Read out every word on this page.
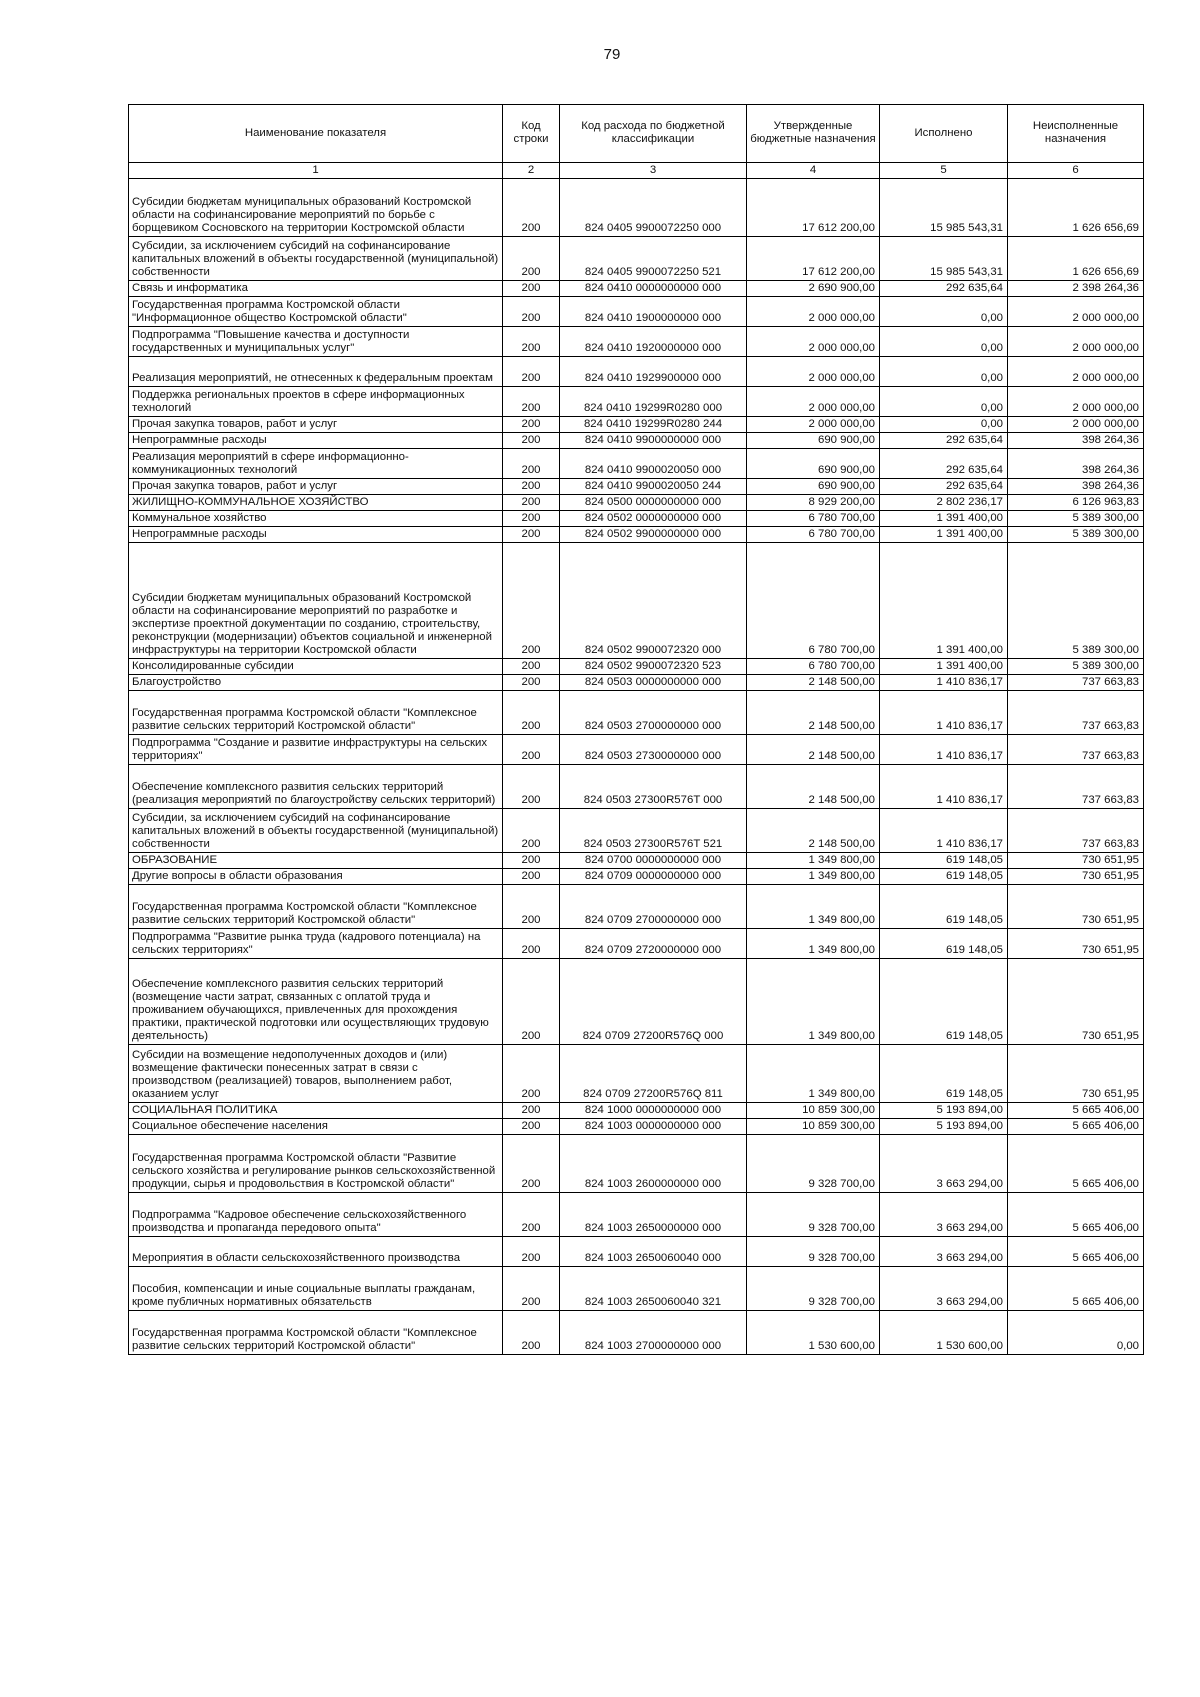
79
Наименование показателя	Код строки	Код расхода по бюджетной классификации	Утвержденные бюджетные назначения	Исполнено	Неисполненные назначения
1	2	3	4	5	6
Субсидии бюджетам муниципальных образований Костромской области на софинансирование мероприятий по борьбе с борщевиком Сосновского на территории Костромской области	200	824 0405 9900072250 000	17 612 200,00	15 985 543,31	1 626 656,69
Субсидии, за исключением субсидий на софинансирование капитальных вложений в объекты государственной (муниципальной) собственности	200	824 0405 9900072250 521	17 612 200,00	15 985 543,31	1 626 656,69
Связь и информатика	200	824 0410 0000000000 000	2 690 900,00	292 635,64	2 398 264,36
Государственная программа Костромской области "Информационное общество Костромской области"	200	824 0410 1900000000 000	2 000 000,00	0,00	2 000 000,00
Подпрограмма "Повышение качества и доступности государственных и муниципальных услуг"	200	824 0410 1920000000 000	2 000 000,00	0,00	2 000 000,00
Реализация мероприятий, не отнесенных к федеральным проектам	200	824 0410 1929900000 000	2 000 000,00	0,00	2 000 000,00
Поддержка региональных проектов в сфере информационных технологий	200	824 0410 19299R0280 000	2 000 000,00	0,00	2 000 000,00
Прочая закупка товаров, работ и услуг	200	824 0410 19299R0280 244	2 000 000,00	0,00	2 000 000,00
Непрограммные расходы	200	824 0410 9900000000 000	690 900,00	292 635,64	398 264,36
Реализация мероприятий в сфере информационно-коммуникационных технологий	200	824 0410 9900020050 000	690 900,00	292 635,64	398 264,36
Прочая закупка товаров, работ и услуг	200	824 0410 9900020050 244	690 900,00	292 635,64	398 264,36
ЖИЛИЩНО-КОММУНАЛЬНОЕ ХОЗЯЙСТВО	200	824 0500 0000000000 000	8 929 200,00	2 802 236,17	6 126 963,83
Коммунальное хозяйство	200	824 0502 0000000000 000	6 780 700,00	1 391 400,00	5 389 300,00
Непрограммные расходы	200	824 0502 9900000000 000	6 780 700,00	1 391 400,00	5 389 300,00
Субсидии бюджетам муниципальных образований Костромской области на софинансирование мероприятий по разработке и экспертизе проектной документации по созданию, строительству, реконструкции (модернизации) объектов социальной и инженерной инфраструктуры на территории Костромской области	200	824 0502 9900072320 000	6 780 700,00	1 391 400,00	5 389 300,00
Консолидированные субсидии	200	824 0502 9900072320 523	6 780 700,00	1 391 400,00	5 389 300,00
Благоустройство	200	824 0503 0000000000 000	2 148 500,00	1 410 836,17	737 663,83
Государственная программа Костромской области "Комплексное развитие сельских территорий Костромской области"	200	824 0503 2700000000 000	2 148 500,00	1 410 836,17	737 663,83
Подпрограмма "Создание и развитие инфраструктуры на сельских территориях"	200	824 0503 2730000000 000	2 148 500,00	1 410 836,17	737 663,83
Обеспечение комплексного развития сельских территорий (реализация мероприятий по благоустройству сельских территорий)	200	824 0503 27300R576T 000	2 148 500,00	1 410 836,17	737 663,83
Субсидии, за исключением субсидий на софинансирование капитальных вложений в объекты государственной (муниципальной) собственности	200	824 0503 27300R576T 521	2 148 500,00	1 410 836,17	737 663,83
ОБРАЗОВАНИЕ	200	824 0700 0000000000 000	1 349 800,00	619 148,05	730 651,95
Другие вопросы в области образования	200	824 0709 0000000000 000	1 349 800,00	619 148,05	730 651,95
Государственная программа Костромской области "Комплексное развитие сельских территорий Костромской области"	200	824 0709 2700000000 000	1 349 800,00	619 148,05	730 651,95
Подпрограмма "Развитие рынка труда (кадрового потенциала) на сельских территориях"	200	824 0709 2720000000 000	1 349 800,00	619 148,05	730 651,95
Обеспечение комплексного развития сельских территорий (возмещение части затрат, связанных с оплатой труда и проживанием обучающихся, привлеченных для прохождения практики, практической подготовки или осуществляющих трудовую деятельность)	200	824 0709 27200R576Q 000	1 349 800,00	619 148,05	730 651,95
Субсидии на возмещение недополученных доходов и (или) возмещение фактически понесенных затрат в связи с производством (реализацией) товаров, выполнением работ, оказанием услуг	200	824 0709 27200R576Q 811	1 349 800,00	619 148,05	730 651,95
СОЦИАЛЬНАЯ ПОЛИТИКА	200	824 1000 0000000000 000	10 859 300,00	5 193 894,00	5 665 406,00
Социальное обеспечение населения	200	824 1003 0000000000 000	10 859 300,00	5 193 894,00	5 665 406,00
Государственная программа Костромской области "Развитие сельского хозяйства и регулирование рынков сельскохозяйственной продукции, сырья и продовольствия в Костромской области"	200	824 1003 2600000000 000	9 328 700,00	3 663 294,00	5 665 406,00
Подпрограмма "Кадровое обеспечение сельскохозяйственного производства и пропаганда передового опыта"	200	824 1003 2650000000 000	9 328 700,00	3 663 294,00	5 665 406,00
Мероприятия в области сельскохозяйственного производства	200	824 1003 2650060040 000	9 328 700,00	3 663 294,00	5 665 406,00
Пособия, компенсации и иные социальные выплаты гражданам, кроме публичных нормативных обязательств	200	824 1003 2650060040 321	9 328 700,00	3 663 294,00	5 665 406,00
Государственная программа Костромской области "Комплексное развитие сельских территорий Костромской области"	200	824 1003 2700000000 000	1 530 600,00	1 530 600,00	0,00
